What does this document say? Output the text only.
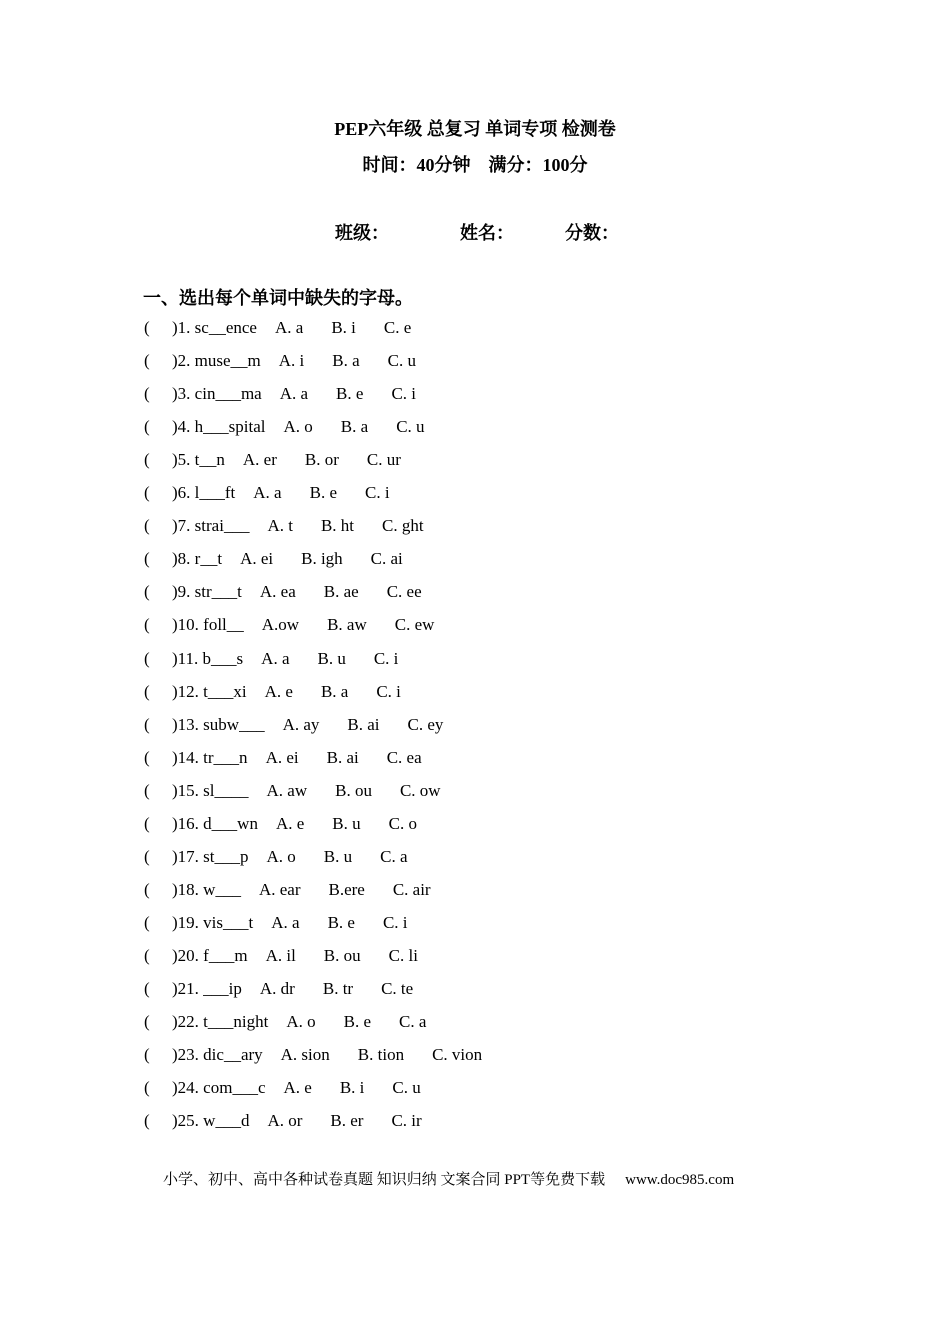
PEP六年级 总复习 单词专项 检测卷
时间：40分钟　满分：100分
班级：	姓名：	分数：
一、选出每个单词中缺失的字母。
( )1. sc__ence A. a B. i C. e
( )2. muse__m A. i B. a C. u
( )3. cin___ma A. a B. e C. i
( )4. h___spital A. o B. a C. u
( )5. t__n A. er B. or C. ur
( )6. l___ft A. a B. e C. i
( )7. strai___ A. t B. ht C. ght
( )8. r__t A. ei B. igh C. ai
( )9. str___t A. ea B. ae C. ee
( )10. foll__ A.ow B. aw C. ew
( )11. b___s A. a B. u C. i
( )12. t___xi A. e B. a C. i
( )13. subw___ A. ay B. ai C. ey
( )14. tr___n A. ei B. ai C. ea
( )15. sl____ A. aw B. ou C. ow
( )16. d___wn A. e B. u C. o
( )17. st___p A. o B. u C. a
( )18. w___ A. ear B.ere C. air
( )19. vis___t A. a B. e C. i
( )20. f___m A. il B. ou C. li
( )21. ___ip A. dr B. tr C. te
( )22. t___night A. o B. e C. a
( )23. dic__ary A. sion B. tion C. vion
( )24. com___c A. e B. i C. u
( )25. w___d A. or B. er C. ir
小学、初中、高中各种试卷真题 知识归纳 文案合同 PPT等免费下载 www.doc985.com
